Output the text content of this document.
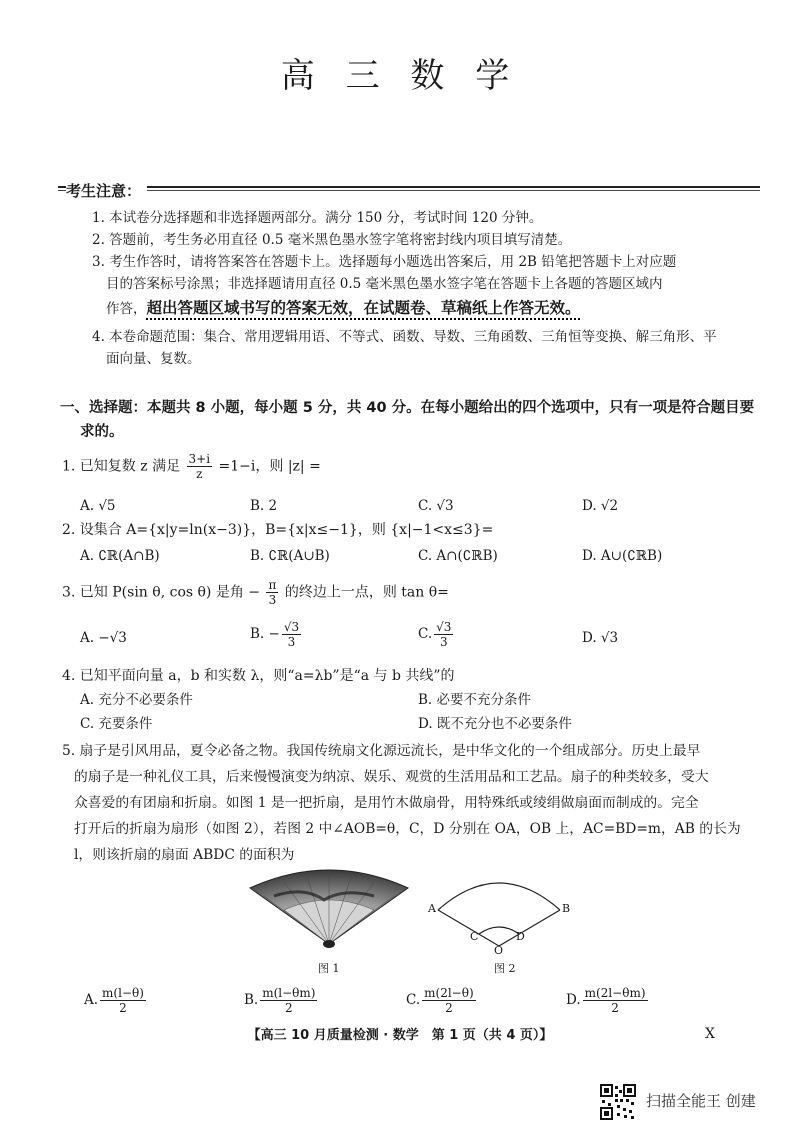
高 三 数 学
考生注意：

1. 本试卷分选择题和非选择题两部分。满分 150 分，考试时间 120 分钟。

2. 答题前，考生务必用直径 0.5 毫米黑色墨水签字笔将密封线内项目填写清楚。

3. 考生作答时，请将答案答在答题卡上。选择题每小题选出答案后，用 2B 铅笔把答题卡上对应题

目的答案标号涂黑；非选择题请用直径 0.5 毫米黑色墨水签字笔在答题卡上各题的答题区域内

作答，超出答题区域书写的答案无效，在试题卷、草稿纸上作答无效。

4. 本卷命题范围：集合、常用逻辑用语、不等式、函数、导数、三角函数、三角恒等变换、解三角形、平

面向量、复数。

一、选择题：本题共 8 小题，每小题 5 分，共 40 分。在每小题给出的四个选项中，只有一项是符合题目要
求的。

1. 已知复数 z 满足 $\frac{3+i}{z} =1-i$，则 |z| =

A. √5	B. 2	C. √3	D. √2
2. 设集合 A={x|y=ln(x−3)}，B={x|x≤−1}，则 {x|−1<x≤3}=
A. ∁ℝ(A∩B)	B. ∁ℝ(A∪B)	C. A∩(∁ℝB)	D. A∪(∁ℝB)

3. 已知 P(sin θ, cos θ) 是角 − $\frac{\pi}{3}$ 的终边上一点，则 tan θ=

A. −√3	B. − $\frac{√3}{3}$	C. $\frac{√3}{3}$	D. √3
4. 已知平面向量 a，b 和实数 λ，则“a=λb”是“a 与 b 共线”的
A. 充分不必要条件	B. 必要不充分条件
C. 充要条件	D. 既不充分也不必要条件

5. 扇子是引风用品，夏令必备之物。我国传统扇文化源远流长，是中华文化的一个组成部分。历史上最早

的扇子是一种礼仪工具，后来慢慢演变为纳凉、娱乐、观赏的生活用品和工艺品。扇子的种类较多，受大

众喜爱的有团扇和折扇。如图 1 是一把折扇，是用竹木做扇骨，用特殊纸或绫绢做扇面而制成的。完全

打开后的折扇为扇形（如图 2），若图 2 中∠AOB=θ，C，D 分别在 OA，OB 上，AC=BD=m，AB 的长为

l，则该折扇的扇面 ABDC 的面积为

图 1
A	B
C	D
O
图 2
A. $\frac{m(l-\theta)}{2}$	B. $\frac{m(l-\theta m)}{2}$	C. $\frac{m(2l-\theta)}{2}$	D. $\frac{m(2l-\theta m)}{2}$
【高三 10 月质量检测 · 数学　第 1 页（共 4 页）】	X
扫描全能王 创建
